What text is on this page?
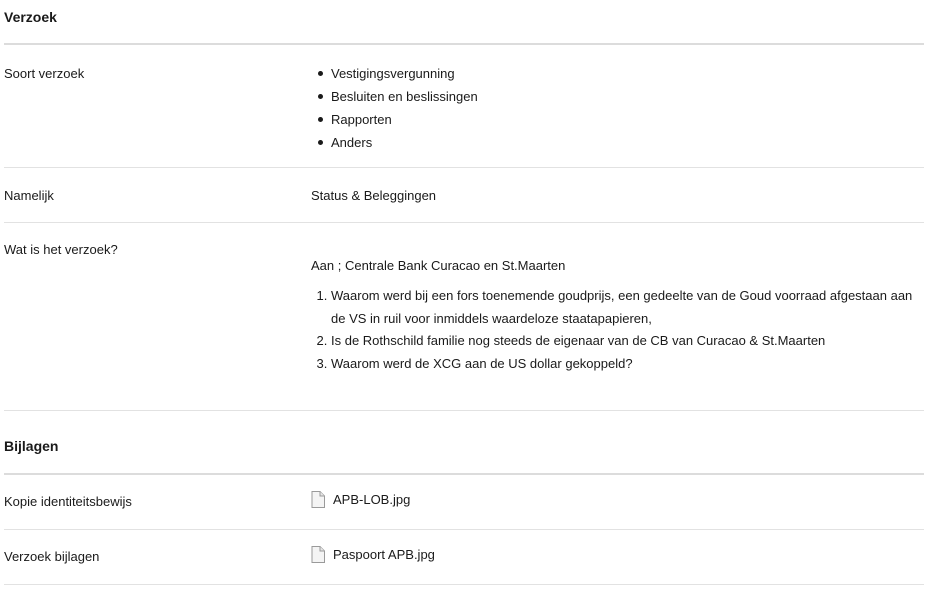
Verzoek
Soort verzoek	Vestigingsvergunning
Besluiten en beslissingen
Rapporten
Anders
Namelijk	Status & Beleggingen
Wat is het verzoek?
Aan ; Centrale Bank Curacao en St.Maarten
1. Waarom werd bij een fors toenemende goudprijs, een gedeelte van de Goud voorraad afgestaan aan de VS in ruil voor inmiddels waardeloze staatapapieren,
2. Is de Rothschild familie nog steeds de eigenaar van de CB van Curacao & St.Maarten
3. Waarom werd de XCG aan de US dollar gekoppeld?
Bijlagen
Kopie identiteitsbewijs	APB-LOB.jpg
Verzoek bijlagen	Paspoort APB.jpg
